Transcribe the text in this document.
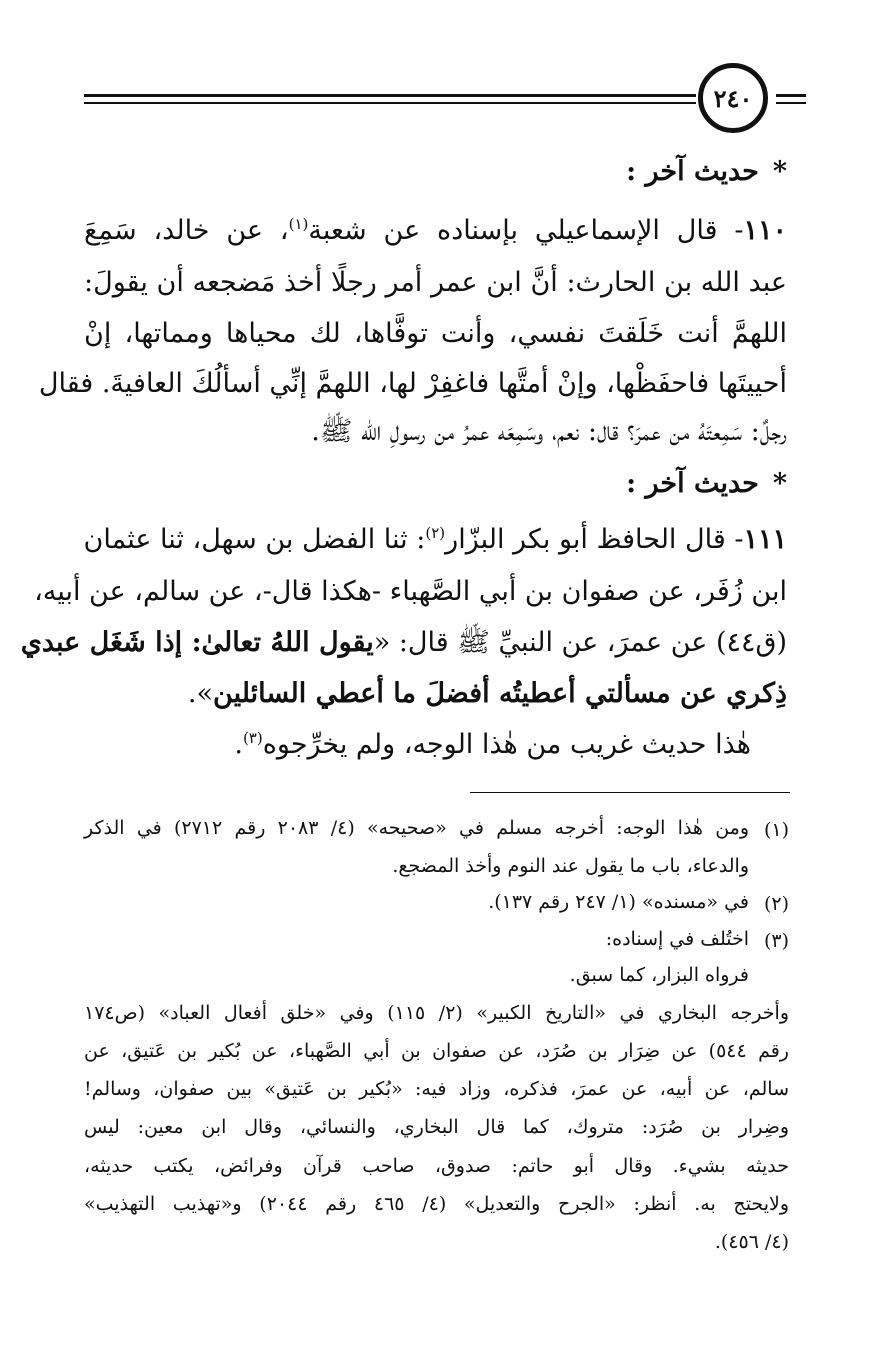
٢٤٠
*حديث آخر :
١١٠- قال الإسماعيلي بإسناده عن شعبة$^{(١)}$، عن خالد، سَمِعَ
عبد الله بن الحارث: أنَّ ابن عمر أمر رجلًا أخذ مَضجعه أن يقولَ:
اللهمَّ أنت خَلَقتَ نفسي، وأنت توفَّاها، لك محياها ومماتها، إنْ
أحييتَها فاحفَظْها، وإنْ أمتَّها فاغفِرْ لها، اللهمَّ إنِّي أسألُكَ العافيةَ. فقال
رجلٌ: سَمِعتَهُ من عمرَ؟ قال: نعم، وسَمِعَه عمرُ من رسولِ الله ﷺ.
*حديث آخر :
١١١- قال الحافظ أبو بكر البزّار$^{(٢)}$: ثنا الفضل بن سهل، ثنا عثمان
ابن زُفَر، عن صفوان بن أبي الصَّهباء -هكذا قال-، عن سالم، عن أبيه،
(ق٤٤) عن عمرَ، عن النبيِّ ﷺ قال: «يقول اللهُ تعالىٰ: إذا شَغَل عبدي
ذِكري عن مسألتي أعطيتُه أفضلَ ما أعطي السائلين».
هٰذا حديث غريب من هٰذا الوجه، ولم يخرِّجوه$^{(٣)}$.
(١)
ومن هٰذا الوجه: أخرجه مسلم في «صحيحه» (٤/ ٢٠٨٣ رقم ٢٧١٢) في الذكر
والدعاء، باب ما يقول عند النوم وأخذ المضجع.
(٢)
في «مسنده» (١/ ٢٤٧ رقم ١٣٧).
(٣)
اختُلف في إسناده:
فرواه البزار، كما سبق.
وأخرجه البخاري في «التاريخ الكبير» (٢/ ١١٥) وفي «خلق أفعال العباد» (ص١٧٤
رقم ٥٤٤) عن ضِرَار بن صُرَد، عن صفوان بن أبي الصَّهباء، عن بُكير بن عَتيق، عن
سالم، عن أبيه، عن عمرَ، فذكره، وزاد فيه: «بُكير بن عَتيق» بين صفوان، وسالم!
وضِرار بن صُرَد: متروك، كما قال البخاري، والنسائي، وقال ابن معين: ليس
حديثه بشيء. وقال أبو حاتم: صدوق، صاحب قرآن وفرائض، يكتب حديثه،
ولايحتج به. أنظر: «الجرح والتعديل» (٤/ ٤٦٥ رقم ٢٠٤٤) و«تهذيب التهذيب»
(٤/ ٤٥٦).
